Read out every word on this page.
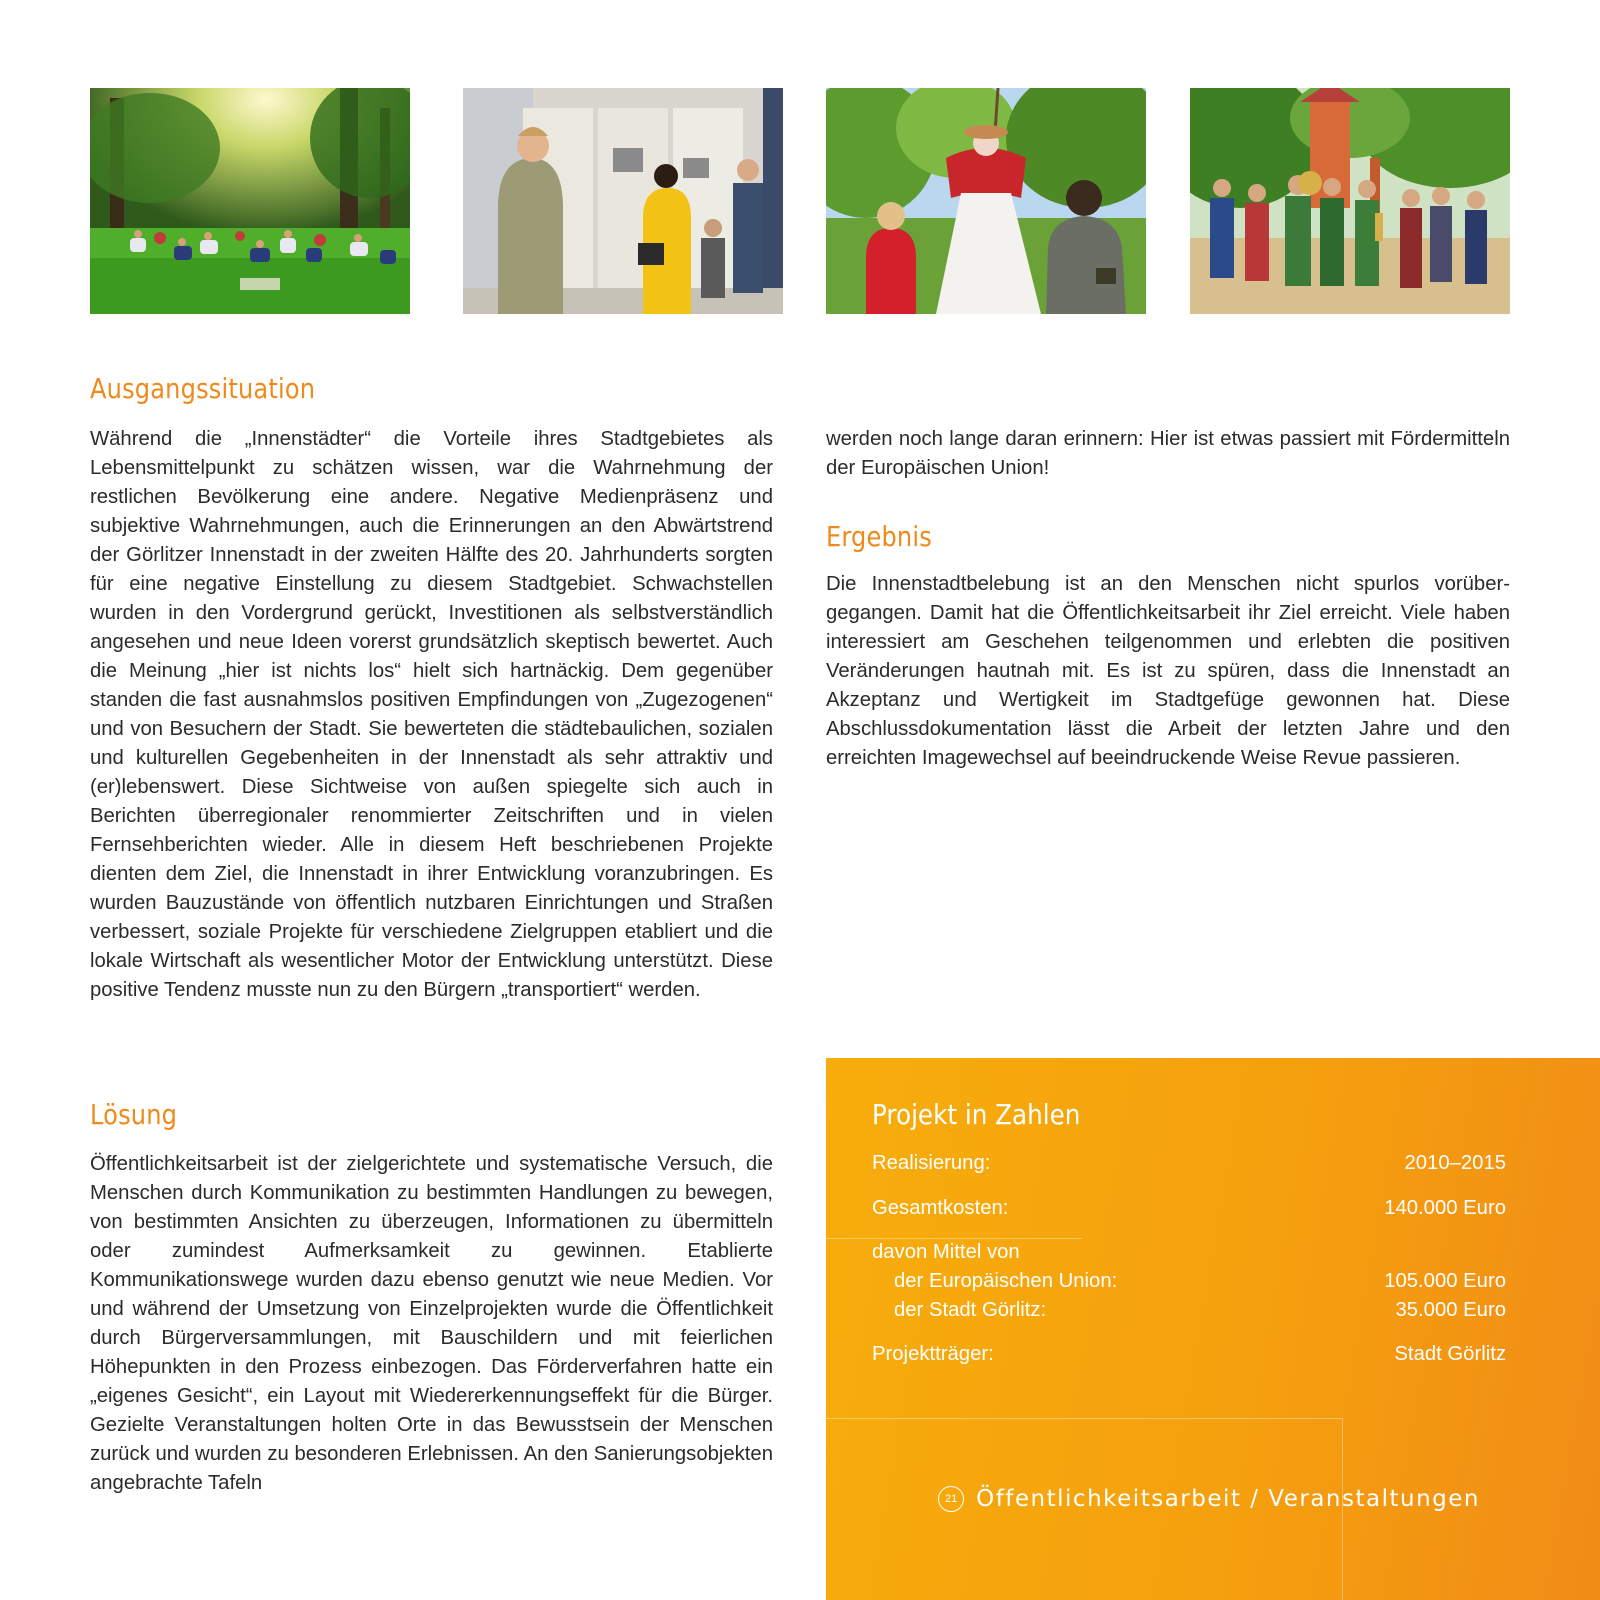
Ausgangssituation

Während die „Innenstädter“ die Vorteile ihres Stadtgebietes als Lebensmittelpunkt zu schätzen wissen, war die Wahrnehmung der restlichen Bevölkerung eine andere. Negative Medienpräsenz und subjektive Wahrnehmungen, auch die Erinnerungen an den Abwärtstrend der Görlitzer Innenstadt in der zweiten Hälfte des 20. Jahrhunderts sorgten für eine negative Einstellung zu diesem Stadtgebiet. Schwachstellen wurden in den Vordergrund gerückt, Investitionen als selbstverständlich angesehen und neue Ideen vorerst grundsätzlich skeptisch bewertet. Auch die Meinung „hier ist nichts los“ hielt sich hartnäckig. Dem gegenüber standen die fast ausnahmslos positiven Empfindungen von „Zugezogenen“ und von Besuchern der Stadt. Sie bewerteten die städtebaulichen, sozialen und kulturellen Gegebenheiten in der Innenstadt als sehr attraktiv und (er)lebenswert. Diese Sichtweise von außen spiegelte sich auch in Berichten überregionaler renommierter Zeitschriften und in vielen Fernsehberichten wieder. Alle in diesem Heft beschriebenen Projekte dienten dem Ziel, die Innenstadt in ihrer Entwicklung voranzubringen. Es wurden Bauzustände von öffentlich nutzbaren Einrichtungen und Straßen verbessert, soziale Projekte für verschiedene Zielgruppen etabliert und die lokale Wirtschaft als wesentlicher Motor der Entwicklung unterstützt. Diese positive Tendenz musste nun zu den Bürgern „transportiert“ werden.

Lösung

Öffentlichkeitsarbeit ist der zielgerichtete und systematische Versuch, die Menschen durch Kommunikation zu bestimmten Handlungen zu bewegen, von bestimmten Ansichten zu überzeugen, Informationen zu übermitteln oder zumindest Aufmerksamkeit zu gewinnen. Etablierte Kommunikationswege wurden dazu ebenso genutzt wie neue Medien. Vor und während der Umsetzung von Einzelprojekten wurde die Öffentlichkeit durch Bürgerversammlungen, mit Bauschildern und mit feierlichen Höhepunkten in den Prozess einbezogen. Das Förderverfahren hatte ein „eigenes Gesicht“, ein Layout mit Wiedererkennungseffekt für die Bürger. Gezielte Veranstaltungen holten Orte in das Bewusstsein der Menschen zurück und wurden zu besonderen Erlebnissen. An den Sanierungsobjekten angebrachte Tafeln

werden noch lange daran erinnern: Hier ist etwas passiert mit Fördermitteln der Europäischen Union!

Ergebnis

Die Innenstadtbelebung ist an den Menschen nicht spurlos vorübergegangen. Damit hat die Öffentlichkeitsarbeit ihr Ziel erreicht. Viele haben interessiert am Geschehen teilgenommen und erlebten die positiven Veränderungen hautnah mit. Es ist zu spüren, dass die Innenstadt an Akzeptanz und Wertigkeit im Stadtgefüge gewonnen hat. Diese Abschlussdokumentation lässt die Arbeit der letzten Jahre und den erreichten Imagewechsel auf beeindruckende Weise Revue passieren.

Projekt in Zahlen
Realisierung:	2010–2015
Gesamtkosten:	140.000 Euro
davon Mittel von
der Europäischen Union:	105.000 Euro
der Stadt Görlitz:	35.000 Euro
Projektträger:	Stadt Görlitz
21 Öffentlichkeitsarbeit / Veranstaltungen
